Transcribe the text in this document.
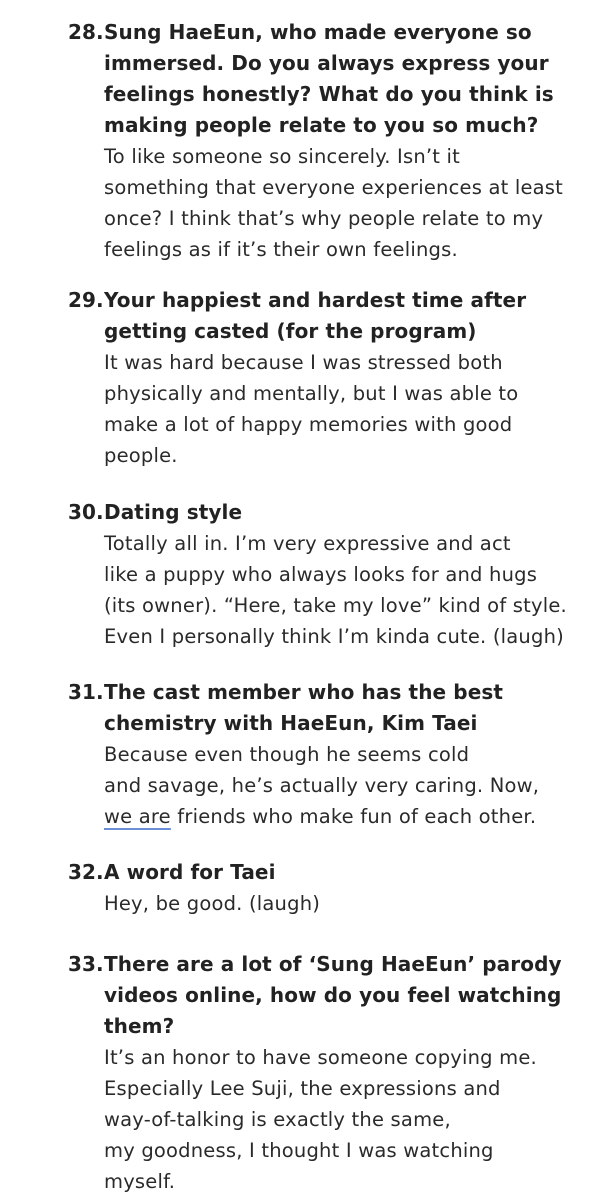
28. Sung HaeEun, who made everyone so
immersed. Do you always express your
feelings honestly? What do you think is
making people relate to you so much?
To like someone so sincerely. Isn’t it
something that everyone experiences at least
once? I think that’s why people relate to my
feelings as if it’s their own feelings.
29. Your happiest and hardest time after
getting casted (for the program)
It was hard because I was stressed both
physically and mentally, but I was able to
make a lot of happy memories with good
people.
30. Dating style
Totally all in. I’m very expressive and act
like a puppy who always looks for and hugs
(its owner). “Here, take my love” kind of style.
Even I personally think I’m kinda cute. (laugh)
31. The cast member who has the best
chemistry with HaeEun, Kim Taei
Because even though he seems cold
and savage, he’s actually very caring. Now,
we are friends who make fun of each other.
32. A word for Taei
Hey, be good. (laugh)
33. There are a lot of ‘Sung HaeEun’ parody
videos online, how do you feel watching
them?
It’s an honor to have someone copying me.
Especially Lee Suji, the expressions and
way-of-talking is exactly the same,
my goodness, I thought I was watching
myself.
